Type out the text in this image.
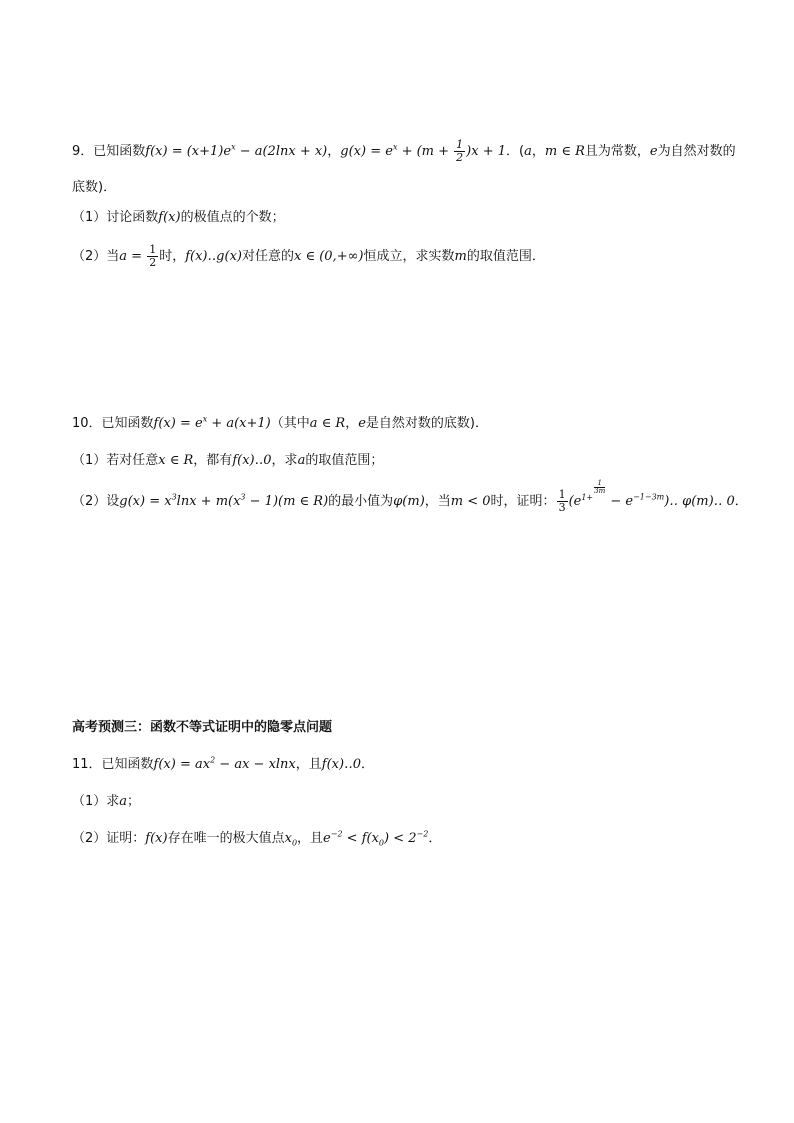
9．已知函数$f(x) = (x+1)e^x - a(2\ln x + x)$，$g(x) = e^x + (m + \frac{1}{2} )x + 1$．(a，m ∈ R且为常数，e为自然对数的
底数)．
（1）讨论函数f(x)的极值点的个数；
（2）当$a = \frac{1}{2}$ 时，f(x)‥g(x)对任意的x ∈ (0,+∞)恒成立，求实数m的取值范围．
10．已知函数$f(x) = e^x + a(x+1)$（其中a ∈ R，e是自然对数的底数)．
（1）若对任意x ∈ R，都有f(x)‥0，求a的取值范围；
（2）设$g(x) = x^3\ln x + m(x^3 - 1)(m$ ∈ R)的最小值为φ(m)，当m < 0时，证明： $\frac{1}{3} (e^{1+ \frac{1}{3m}}$
− $e^{-1-3m})‥$ φ(m)‥ 0．
高考预测三：函数不等式证明中的隐零点问题
11．已知函数$f(x) = ax^2$ − ax − xlnx，且f(x)‥0．
（1）求a；
（2）证明：f(x)存在唯一的极大值点$x_0$，且$e^{-2} < f(x_0) < 2^{-2}$．
